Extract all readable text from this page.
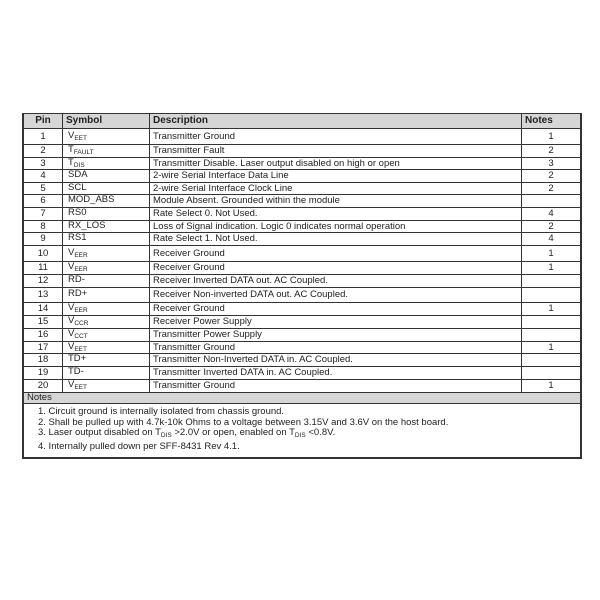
Pin	Symbol	Description	Notes
1	$V_{EET}$	Transmitter Ground	1
2	$T_{FAULT}$	Transmitter Fault	2
3	$T_{DIS}$	Transmitter Disable. Laser output disabled on high or open	3
4	SDA	2-wire Serial Interface Data Line	2
5	SCL	2-wire Serial Interface Clock Line	2
6	MOD_ABS	Module Absent. Grounded within the module	
7	RS0	Rate Select 0. Not Used.	4
8	RX_LOS	Loss of Signal indication. Logic 0 indicates normal operation	2
9	RS1	Rate Select 1. Not Used.	4
10	$V_{EER}$	Receiver Ground	1
11	$V_{EER}$	Receiver Ground	1
12	RD-	Receiver Inverted DATA out. AC Coupled.	
13	RD+	Receiver Non-inverted DATA out. AC Coupled.	
14	$V_{EER}$	Receiver Ground	1
15	$V_{CCR}$	Receiver Power Supply	
16	$V_{CCT}$	Transmitter Power Supply	
17	$V_{EET}$	Transmitter Ground	1
18	TD+	Transmitter Non-Inverted DATA in. AC Coupled.	
19	TD-	Transmitter Inverted DATA in. AC Coupled.	
20	$V_{EET}$	Transmitter Ground	1
Notes			

1. Circuit ground is internally isolated from chassis ground.
2. Shall be pulled up with 4.7k-10k Ohms to a voltage between 3.15V and 3.6V on the host board.
3. Laser output disabled on $T_{DIS} >2.0V$ or open, enabled on $T_{DIS} <0.8V$.
4. Internally pulled down per SFF-8431 Rev 4.1.			
